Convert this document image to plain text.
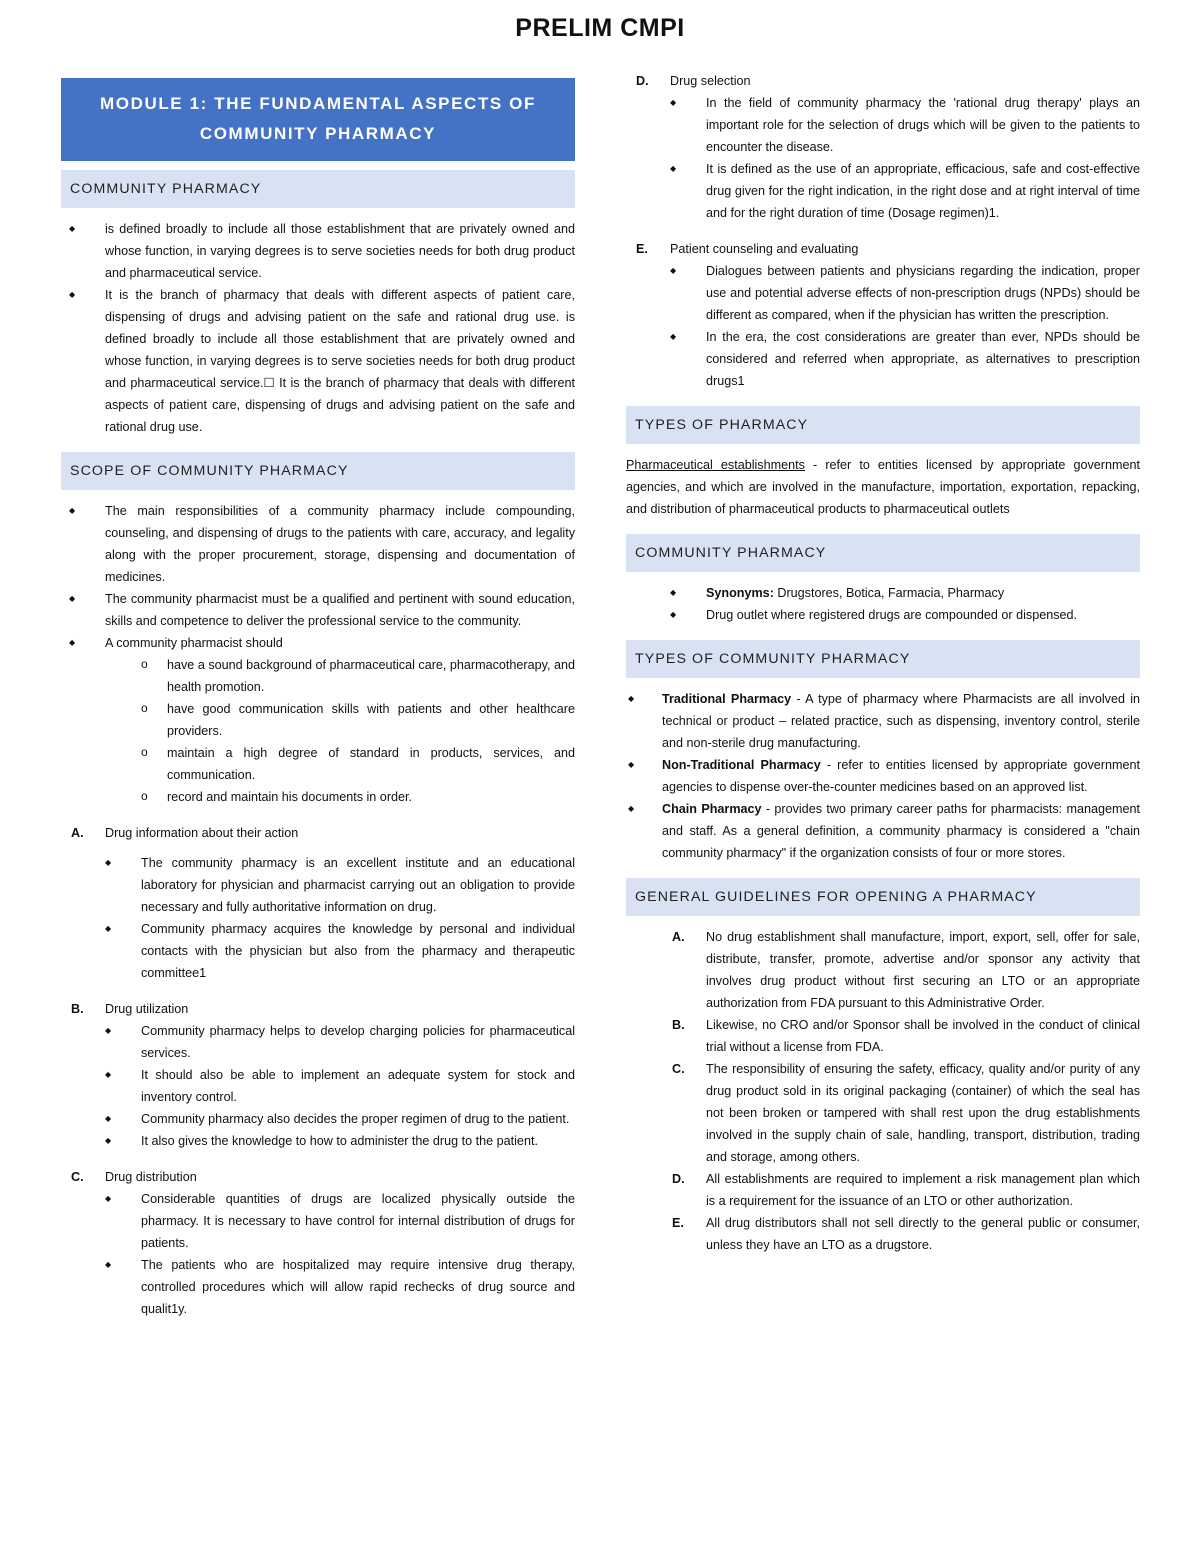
PRELIM CMPI
MODULE 1: THE FUNDAMENTAL ASPECTS OF COMMUNITY PHARMACY
COMMUNITY PHARMACY
◆ is defined broadly to include all those establishment that are privately owned and whose function, in varying degrees is to serve societies needs for both drug product and pharmaceutical service.
◆ It is the branch of pharmacy that deals with different aspects of patient care, dispensing of drugs and advising patient on the safe and rational drug use. is defined broadly to include all those establishment that are privately owned and whose function, in varying degrees is to serve societies needs for both drug product and pharmaceutical service.☐ It is the branch of pharmacy that deals with different aspects of patient care, dispensing of drugs and advising patient on the safe and rational drug use.
SCOPE OF COMMUNITY PHARMACY
◆ The main responsibilities of a community pharmacy include compounding, counseling, and dispensing of drugs to the patients with care, accuracy, and legality along with the proper procurement, storage, dispensing and documentation of medicines.
◆ The community pharmacist must be a qualified and pertinent with sound education, skills and competence to deliver the professional service to the community.
◆ A community pharmacist should
o have a sound background of pharmaceutical care, pharmacotherapy, and health promotion.
o have good communication skills with patients and other healthcare providers.
o maintain a high degree of standard in products, services, and communication.
o record and maintain his documents in order.
A. Drug information about their action
◆ The community pharmacy is an excellent institute and an educational laboratory for physician and pharmacist carrying out an obligation to provide necessary and fully authoritative information on drug.
◆ Community pharmacy acquires the knowledge by personal and individual contacts with the physician but also from the pharmacy and therapeutic committee1
B. Drug utilization
◆ Community pharmacy helps to develop charging policies for pharmaceutical services.
◆ It should also be able to implement an adequate system for stock and inventory control.
◆ Community pharmacy also decides the proper regimen of drug to the patient.
◆ It also gives the knowledge to how to administer the drug to the patient.
C. Drug distribution
◆ Considerable quantities of drugs are localized physically outside the pharmacy. It is necessary to have control for internal distribution of drugs for patients.
◆ The patients who are hospitalized may require intensive drug therapy, controlled procedures which will allow rapid rechecks of drug source and qualit1y.
D. Drug selection
◆ In the field of community pharmacy the 'rational drug therapy' plays an important role for the selection of drugs which will be given to the patients to encounter the disease.
◆ It is defined as the use of an appropriate, efficacious, safe and cost-effective drug given for the right indication, in the right dose and at right interval of time and for the right duration of time (Dosage regimen)1.
E. Patient counseling and evaluating
◆ Dialogues between patients and physicians regarding the indication, proper use and potential adverse effects of non-prescription drugs (NPDs) should be different as compared, when if the physician has written the prescription.
◆ In the era, the cost considerations are greater than ever, NPDs should be considered and referred when appropriate, as alternatives to prescription drugs1
TYPES OF PHARMACY
Pharmaceutical establishments - refer to entities licensed by appropriate government agencies, and which are involved in the manufacture, importation, exportation, repacking, and distribution of pharmaceutical products to pharmaceutical outlets
COMMUNITY PHARMACY
◆ Synonyms: Drugstores, Botica, Farmacia, Pharmacy
◆ Drug outlet where registered drugs are compounded or dispensed.
TYPES OF COMMUNITY PHARMACY
◆ Traditional Pharmacy - A type of pharmacy where Pharmacists are all involved in technical or product – related practice, such as dispensing, inventory control, sterile and non-sterile drug manufacturing.
◆ Non-Traditional Pharmacy - refer to entities licensed by appropriate government agencies to dispense over-the-counter medicines based on an approved list.
◆ Chain Pharmacy - provides two primary career paths for pharmacists: management and staff. As a general definition, a community pharmacy is considered a "chain community pharmacy" if the organization consists of four or more stores.
GENERAL GUIDELINES FOR OPENING A PHARMACY
A. No drug establishment shall manufacture, import, export, sell, offer for sale, distribute, transfer, promote, advertise and/or sponsor any activity that involves drug product without first securing an LTO or an appropriate authorization from FDA pursuant to this Administrative Order.
B. Likewise, no CRO and/or Sponsor shall be involved in the conduct of clinical trial without a license from FDA.
C. The responsibility of ensuring the safety, efficacy, quality and/or purity of any drug product sold in its original packaging (container) of which the seal has not been broken or tampered with shall rest upon the drug establishments involved in the supply chain of sale, handling, transport, distribution, trading and storage, among others.
D. All establishments are required to implement a risk management plan which is a requirement for the issuance of an LTO or other authorization.
E. All drug distributors shall not sell directly to the general public or consumer, unless they have an LTO as a drugstore.
